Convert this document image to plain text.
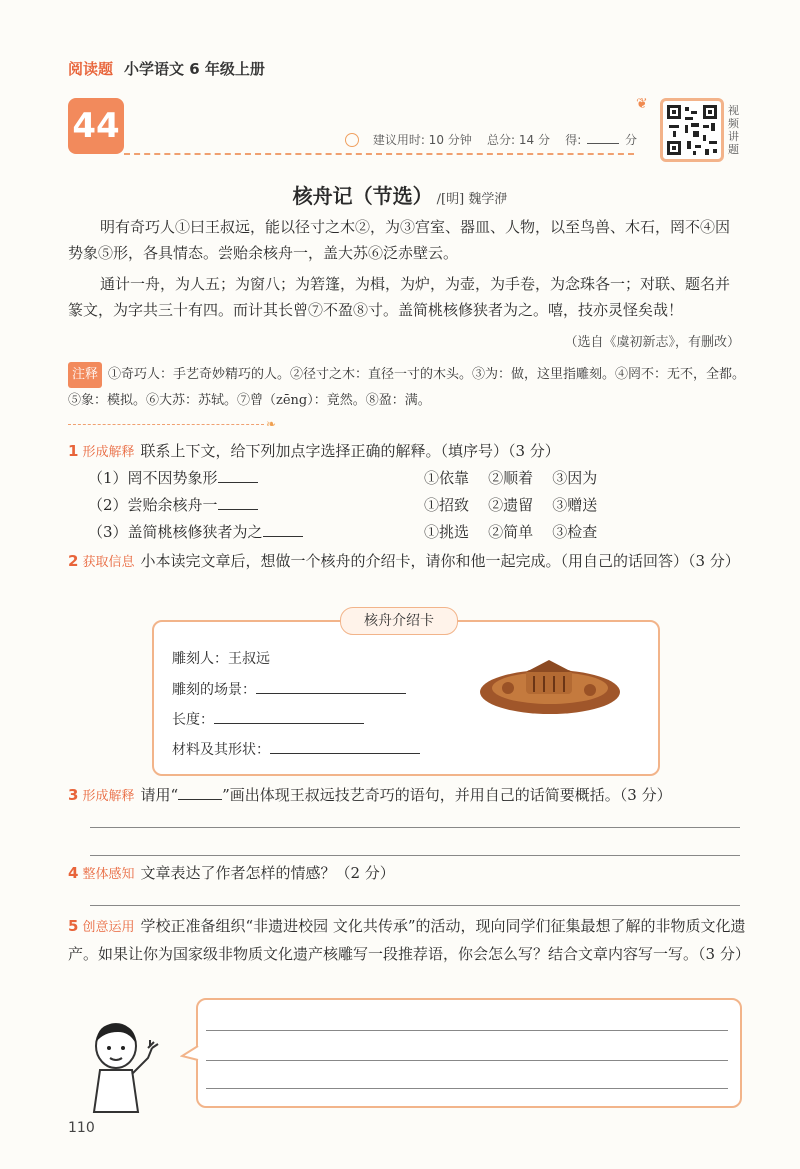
阅读题 小学语文 6 年级上册
44
❦
建议用时: 10 分钟 总分: 14 分 得:	分
视频讲题
核舟记（节选） /[明] 魏学洢
明有奇巧人①曰王叔远，能以径寸之木②，为③宫室、器皿、人物，以至鸟兽、木石，罔不④因势象⑤形，各具情态。尝贻余核舟一，盖大苏⑥泛赤壁云。
通计一舟，为人五；为窗八；为箬篷，为楫，为炉，为壶，为手卷，为念珠各一；对联、题名并篆文，为字共三十有四。而计其长曾⑦不盈⑧寸。盖简桃核修狭者为之。嘻，技亦灵怪矣哉！
（选自《虞初新志》，有删改）
注释 ①奇巧人：手艺奇妙精巧的人。②径寸之木：直径一寸的木头。③为：做，这里指雕刻。④罔不：无不，全都。⑤象：模拟。⑥大苏：苏轼。⑦曾（zēng）：竟然。⑧盈：满。
❧
1 形成解释 联系上下文，给下列加点字选择正确的解释。（填序号）（3 分）
（1）罔不因势象形	①依靠 ②顺着 ③因为
（2）尝贻余核舟一	①招致 ②遗留 ③赠送
（3）盖简桃核修狭者为之	①挑选 ②简单 ③检查
2 获取信息 小本读完文章后，想做一个核舟的介绍卡，请你和他一起完成。（用自己的话回答）（3 分）
核舟介绍卡
雕刻人：王叔远
雕刻的场景：
长度：
材料及其形状：
3 形成解释 请用“	”画出体现王叔远技艺奇巧的语句，并用自己的话简要概括。（3 分）
4 整体感知 文章表达了作者怎样的情感？（2 分）
5 创意运用 学校正准备组织“非遗进校园 文化共传承”的活动，现向同学们征集最想了解的非物质文化遗产。如果让你为国家级非物质文化遗产核雕写一段推荐语，你会怎么写？结合文章内容写一写。（3 分）
110
